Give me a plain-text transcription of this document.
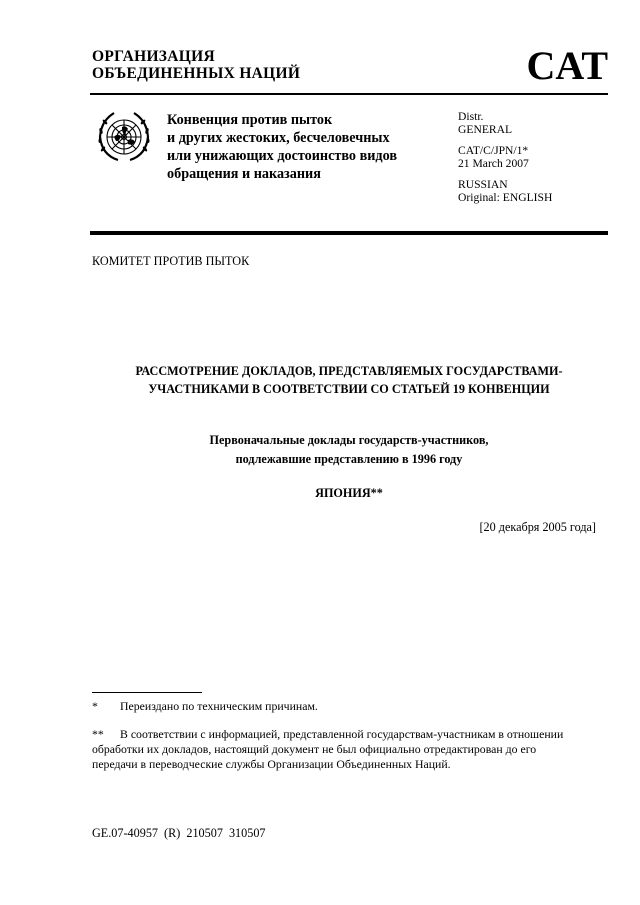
ОРГАНИЗАЦИЯ
ОБЪЕДИНЕННЫХ НАЦИЙ	CAT
Конвенция против пыток
и других жестоких, бесчеловечных
или унижающих достоинство видов
обращения и наказания
Distr.
GENERAL
CAT/C/JPN/1*
21 March 2007
RUSSIAN
Original: ENGLISH
КОМИТЕТ ПРОТИВ ПЫТОК
РАССМОТРЕНИЕ ДОКЛАДОВ, ПРЕДСТАВЛЯЕМЫХ ГОСУДАРСТВАМИ-
УЧАСТНИКАМИ В СООТВЕТСТВИИ СО СТАТЬЕЙ 19 КОНВЕНЦИИ
Первоначальные доклады государств-участников,
подлежавшие представлению в 1996 году
ЯПОНИЯ**
[20 декабря 2005 года]
* Переиздано по техническим причинам.
** В соответствии с информацией, представленной государствам-участникам в отношении обработки их докладов, настоящий документ не был официально отредактирован до его передачи в переводческие службы Организации Объединенных Наций.
GE.07-40957 (R) 210507 310507
